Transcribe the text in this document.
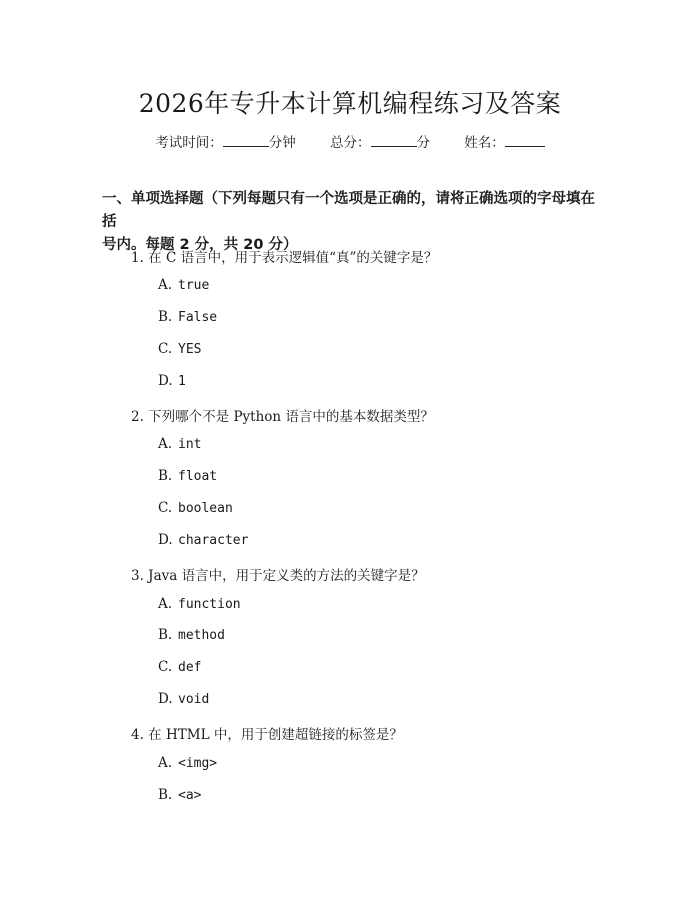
2026年专升本计算机编程练习及答案
考试时间：	分钟	总分：	分	姓名：
一、单项选择题（下列每题只有一个选项是正确的，请将正确选项的字母填在括
号内。每题 2 分，共 20 分）
1. 在 C 语言中，用于表示逻辑值“真”的关键字是？
A. true
B. False
C. YES
D. 1
2. 下列哪个不是 Python 语言中的基本数据类型？
A. int
B. float
C. boolean
D. character
3. Java 语言中，用于定义类的方法的关键字是？
A. function
B. method
C. def
D. void
4. 在 HTML 中，用于创建超链接的标签是？
A. <img>
B. <a>
